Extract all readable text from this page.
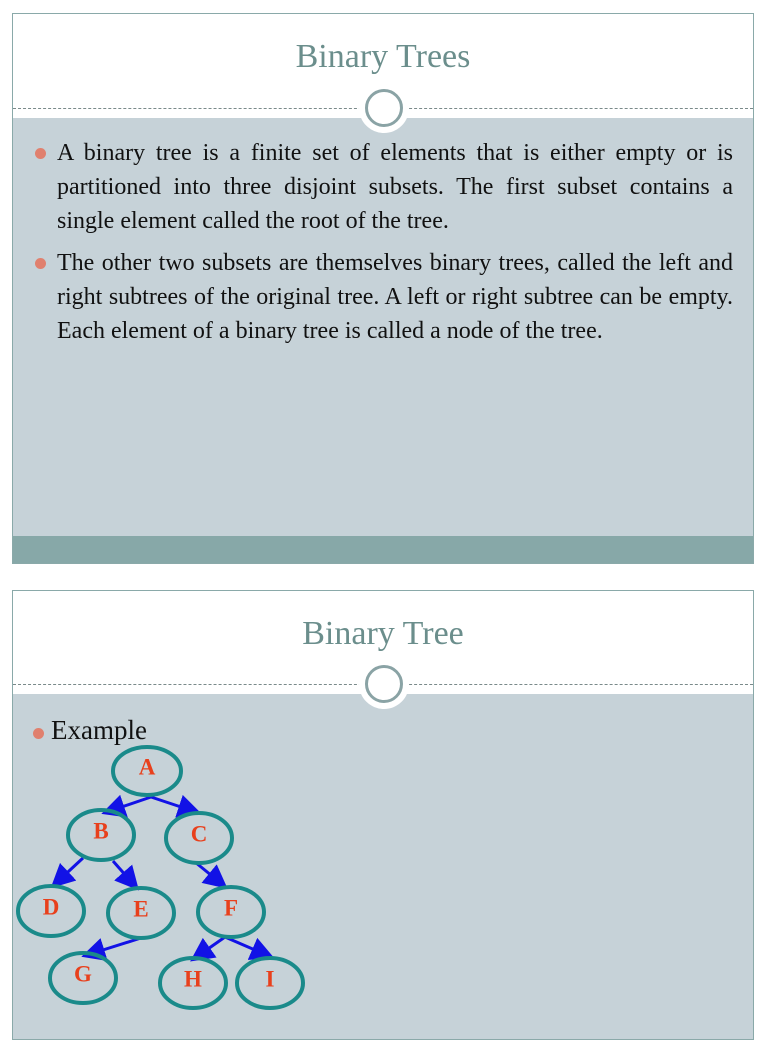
Binary Trees
A binary tree is a finite set of elements that is either empty or is partitioned into three disjoint subsets. The first subset contains a single element called the root of the tree.
The other two subsets are themselves binary trees, called the left and right subtrees of the original tree. A left or right subtree can be empty. Each element of a binary tree is called a node of the tree.
Binary Tree
Example
A
B	C
D	E	F
G	H	I
